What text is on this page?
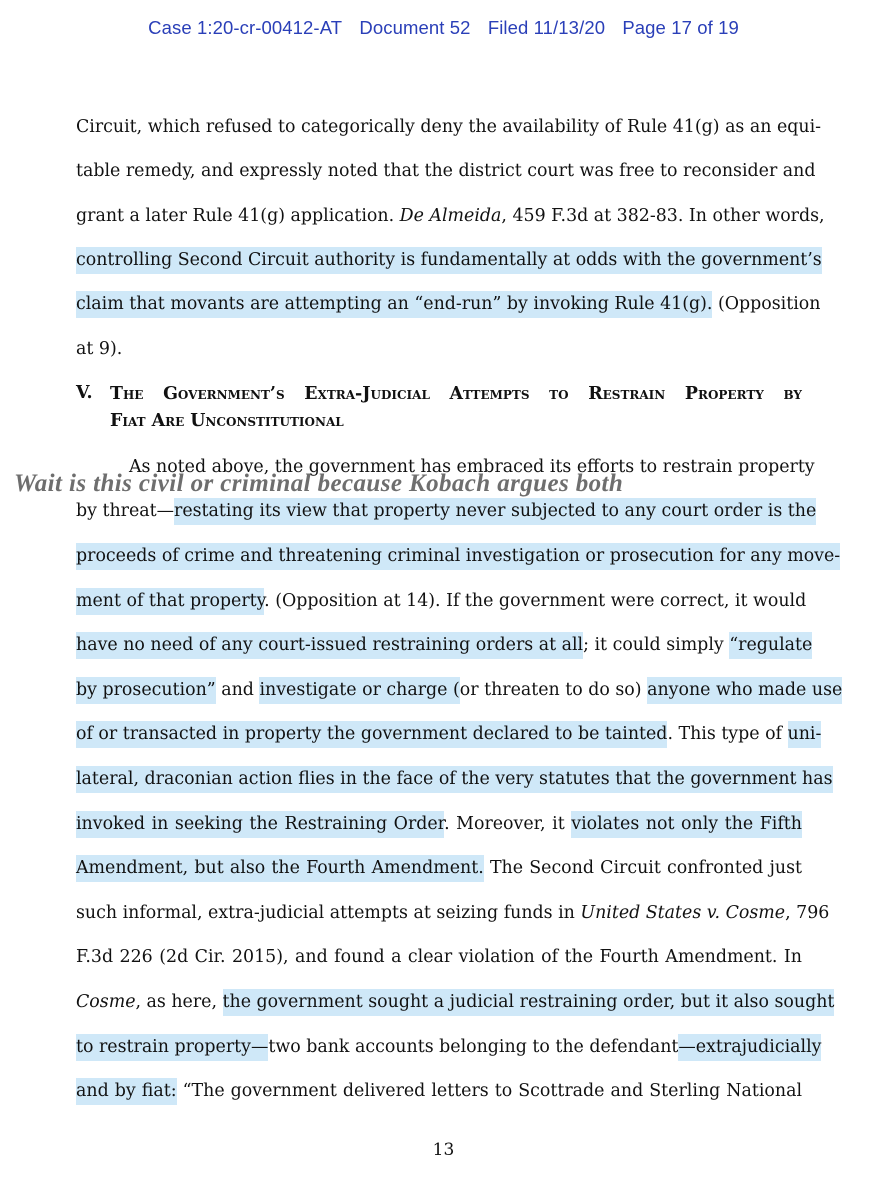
Case 1:20-cr-00412-AT Document 52 Filed 11/13/20 Page 17 of 19
Circuit, which refused to categorically deny the availability of Rule 41(g) as an equi-
table remedy, and expressly noted that the district court was free to reconsider and
grant a later Rule 41(g) application. De Almeida, 459 F.3d at 382-83. In other words,
controlling Second Circuit authority is fundamentally at odds with the government’s
claim that movants are attempting an “end-run” by invoking Rule 41(g). (Opposition
at 9).
V. The Government’s Extra-Judicial Attempts to Restrain Property by
Fiat Are Unconstitutional
As noted above, the government has embraced its efforts to restrain property
by threat—restating its view that property never subjected to any court order is the
proceeds of crime and threatening criminal investigation or prosecution for any move-
ment of that property. (Opposition at 14). If the government were correct, it would
have no need of any court-issued restraining orders at all; it could simply “regulate
by prosecution” and investigate or charge (or threaten to do so) anyone who made use
of or transacted in property the government declared to be tainted. This type of uni-
lateral, draconian action flies in the face of the very statutes that the government has
invoked in seeking the Restraining Order. Moreover, it violates not only the Fifth
Amendment, but also the Fourth Amendment. The Second Circuit confronted just
such informal, extra-judicial attempts at seizing funds in United States v. Cosme, 796
F.3d 226 (2d Cir. 2015), and found a clear violation of the Fourth Amendment. In
Cosme, as here, the government sought a judicial restraining order, but it also sought
to restrain property—two bank accounts belonging to the defendant—extrajudicially
and by fiat: “The government delivered letters to Scottrade and Sterling National
Wait is this civil or criminal because Kobach argues both
13
